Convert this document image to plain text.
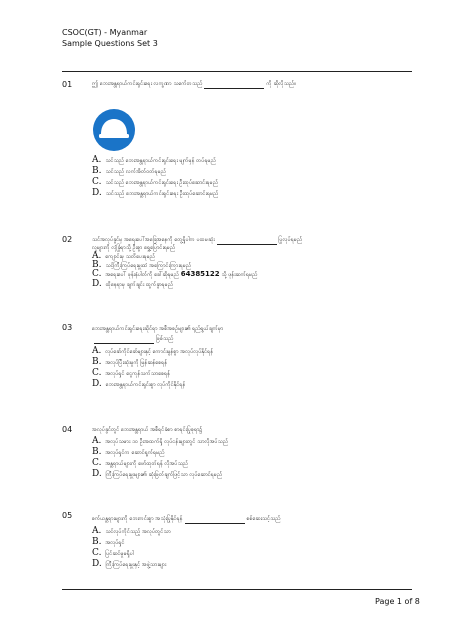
CSOC(GT) - Myanmar
Sample Questions Set 3
01	ဤ ဘေးအန္တရာယ်ကင်းရှင်းရေး လက္ခဏာ သင်္ကေတသည်	ကို ဆိုလိုသည်။
A. သင်သည် ဘေးအန္တရာယ်ကင်းရှင်းရေး မျက်မှန် တပ်ရမည်
B. သင်သည် လက်အိတ်ဝတ်ရမည်
C. သင်သည် ဘေးအန္တရာယ်ကင်းရှင်းရေး ဦးထုပ်ဆောင်းရမည်
D. သင်သည် ဘေးအန္တရာယ်ကင်းရှင်းရေး ဦးထုပ်ဆောင်းရမည်
02	သင်အလုပ်ခွင်မှ အရေးပေါ်အခြေအနေကို တွေ့ရှိပါက ပထမဆုံး	ပြုလုပ်ရမည်
လူများကို လုံခြုံရာသို့ ဦးစွာ ရွှေ့ပြောင်းရမည်
A. ကျောင်းမှ သတိပေးရမည်
B. သင့်ကြီးကြပ်ရေးမှူးထံ အကြောင်းကြားရမည်
C. အရေးပေါ် ဖုန်းနံပါတ်ကို ခေါ်ဆိုရမည် 64385122 သို့ ဖုန်းဆက်ရမည်
D. ထိုနေရာမှ ချက်ချင်း ထွက်ခွာရမည်
03	ဘေးအန္တရာယ်ကင်းရှင်းရေးဆိုင်ရာ အစီအစဉ်များ၏ ရည်ရွယ်ချက်မှာ
ဖြစ်သည်
A. လုပ်ခော်ကိုင်ခော်များနှင့် ကောင်းမွန်စွာ အလုပ်လုပ်နိုင်ရန်
B. အလုပ်ပြီးဆုံးမှုကို မြန်ဆန်စေရန်
C. အလုပ်ရှင် ငွေကုန်သက်သာစေရန်
D. ဘေးအန္တရာယ်ကင်းရှင်းစွာ လုပ်ကိုင်နိုင်ရန်
04	အလုပ်ခွင်တွင် ဘေးအန္တရာယ် အစီရင်ခံစာ စာရင်းပြုစုရာ၌
A. အလုပ်သမား ၁၀ ဦးအထက်ရှိ လုပ်ငန်းများတွင် သာလိုအပ်သည်
B. အလုပ်ရှင်က ဆောင်ရွက်ရမည်
C. အန္တရာယ်များကို ဖော်ထုတ်ရန် လိုအပ်သည်
D. ကြီးကြပ်ရေးမှူးများ၏ ဆုံးဖြတ်ချက်ဖြင့်သာ လုပ်ဆောင်ရမည်
05	စက်ယန္တရားများကို ဘေးကင်းစွာ အသုံးပြုနိုင်ရန်	စစ်ဆေးသင့်သည်
A. သင်လုပ်ကိုင်သည့် အလုပ်တွင်သာ
B. အလုပ်ရှင်
C. ပြင်ဆင်မှုမရှိပါ
D. ကြီးကြပ်ရေးမှူးနှင့် အဖွဲ့သားများ
Page 1 of 8
